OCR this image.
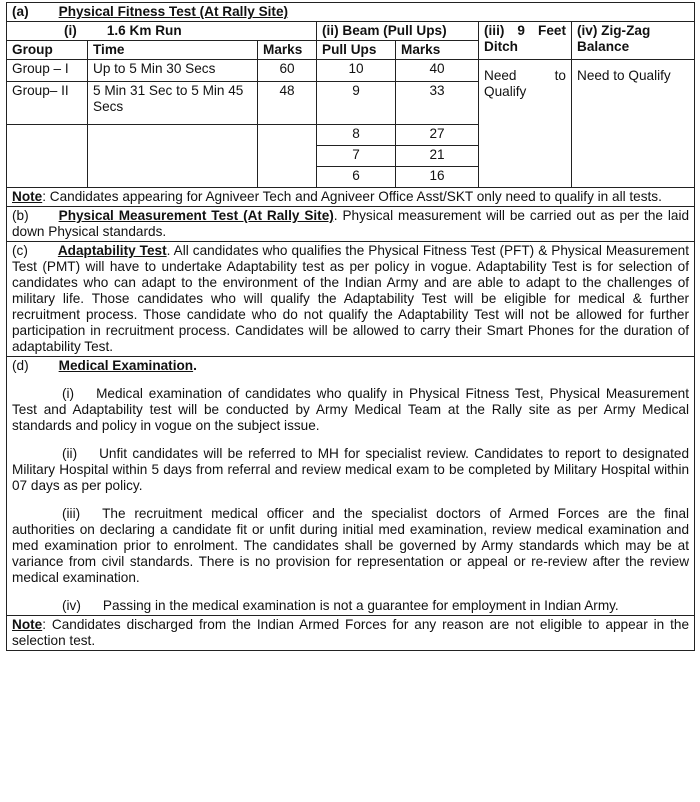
(a) Physical Fitness Test (At Rally Site)						
(i) 1.6 Km Run			(ii) Beam (Pull Ups)		(iii) 9 Feet Ditch	(iv) Zig-Zag Balance
Group	Time	Marks	Pull Ups	Marks		
Group – I	Up to 5 Min 30 Secs	60	10	40	Need to Qualify	Need to Qualify
Group– II	5 Min 31 Sec to 5 Min 45 Secs	48	9	33		
			8	27		
			7	21		
			6	16		
Note: Candidates appearing for Agniveer Tech and Agniveer Office Asst/SKT only need to qualify in all tests.						
(b) Physical Measurement Test (At Rally Site). Physical measurement will be carried out as per the laid down Physical standards.						
(c) Adaptability Test. All candidates who qualifies the Physical Fitness Test (PFT) & Physical Measurement Test (PMT) will have to undertake Adaptability test as per policy in vogue. Adaptability Test is for selection of candidates who can adapt to the environment of the Indian Army and are able to adapt to the challenges of military life. Those candidates who will qualify the Adaptability Test will be eligible for medical & further recruitment process. Those candidate who do not qualify the Adaptability Test will not be allowed for further participation in recruitment process. Candidates will be allowed to carry their Smart Phones for the duration of adaptability Test.						

(d) Medical Examination.

(i) Medical examination of candidates who qualify in Physical Fitness Test, Physical Measurement Test and Adaptability test will be conducted by Army Medical Team at the Rally site as per Army Medical standards and policy in vogue on the subject issue.

(ii) Unfit candidates will be referred to MH for specialist review. Candidates to report to designated Military Hospital within 5 days from referral and review medical exam to be completed by Military Hospital within 07 days as per policy.

(iii) The recruitment medical officer and the specialist doctors of Armed Forces are the final authorities on declaring a candidate fit or unfit during initial med examination, review medical examination and med examination prior to enrolment. The candidates shall be governed by Army standards which may be at variance from civil standards. There is no provision for representation or appeal or re-review after the review medical examination.

(iv) Passing in the medical examination is not a guarantee for employment in Indian Army.						

Note: Candidates discharged from the Indian Armed Forces for any reason are not eligible to appear in the selection test.						
